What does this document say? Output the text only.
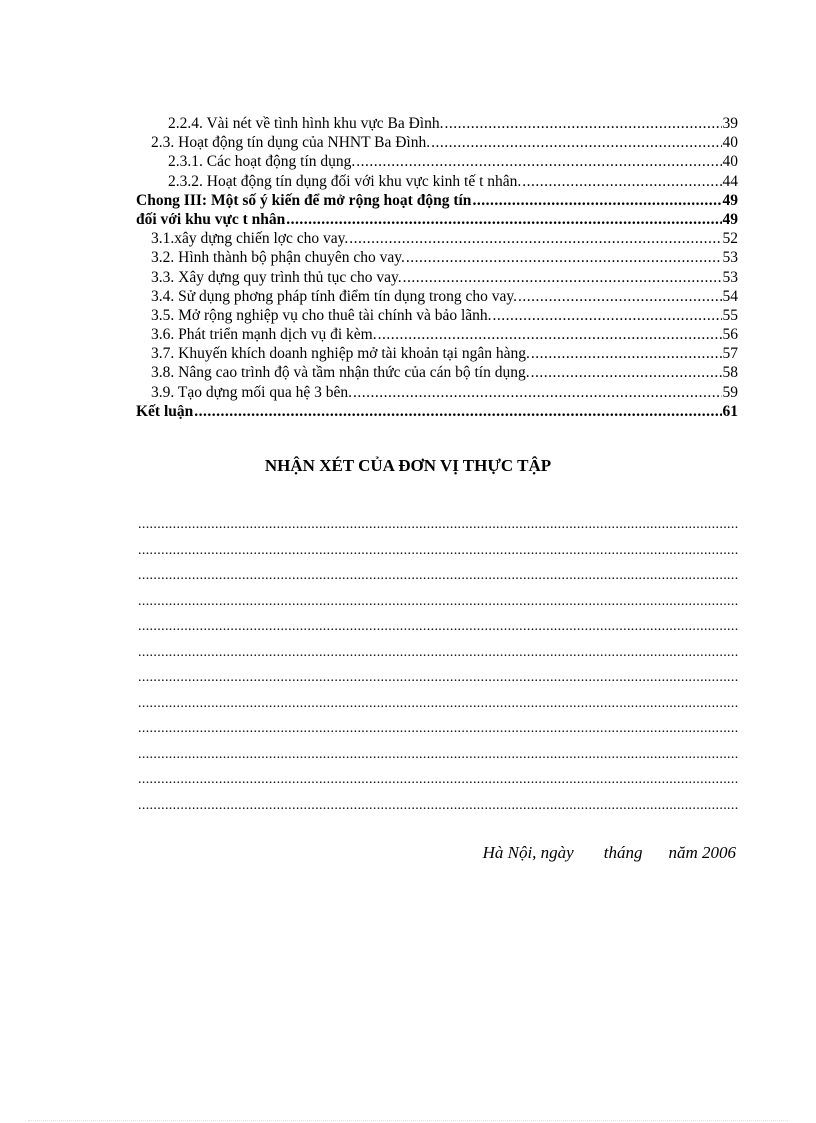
2.2.4. Vài nét về tình hình khu vực Ba Đình. .....	39
2.3. Hoạt động tín dụng của NHNT Ba Đình. .....	40
2.3.1. Các hoạt động tín dụng. .....	40
2.3.2. Hoạt động tín dụng đối với khu vực kinh tế t nhân. .....	44
Chong III: Một số ý kiến để mở rộng hoạt động tín .....	49
đối với khu vực t nhân .....	49
3.1.xây dựng chiến lợc cho vay. .....	52
3.2. Hình thành bộ phận chuyên cho vay. .....	53
3.3. Xây dựng quy trình thủ tục cho vay. .....	53
3.4. Sử dụng phơng pháp tính điểm tín dụng trong cho vay. .....	54
3.5. Mở rộng nghiệp vụ cho thuê tài chính và bảo lãnh. .....	55
3.6. Phát triển mạnh dịch vụ đi kèm. .....	56
3.7. Khuyến khích doanh nghiệp mở tài khoản tại ngân hàng. .....	57
3.8. Nâng cao trình độ và tầm nhận thức của cán bộ tín dụng. .....	58
3.9. Tạo dựng mối qua hệ 3 bên. .....	59
Kết luận .....	61
NHẬN XÉT CỦA ĐƠN VỊ THỰC TẬP
.....
.....
.....
.....
.....
.....
.....
.....
.....
.....
.....
.....
Hà Nội, ngày tháng năm 2006
